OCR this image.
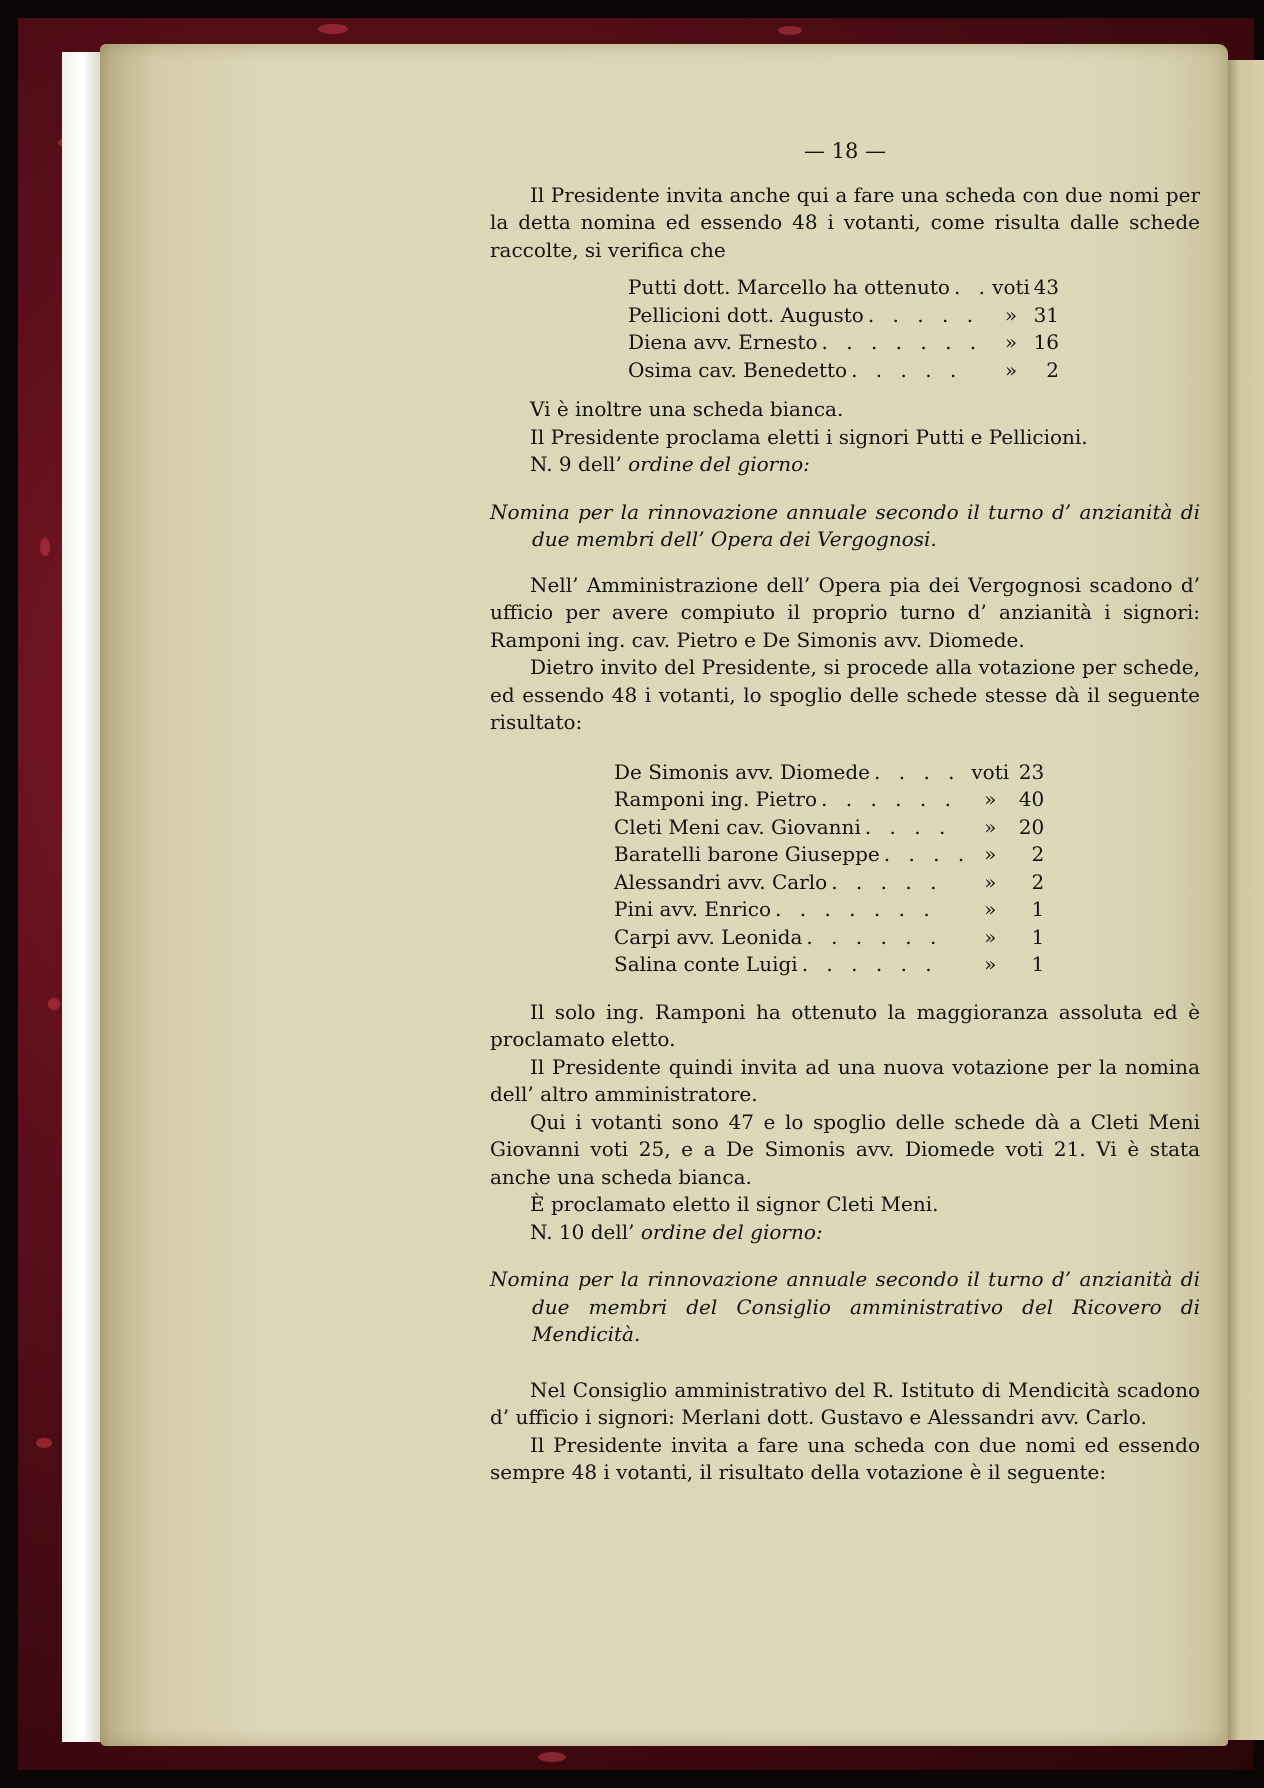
— 18 —

Il Presidente invita anche qui a fare una scheda con due nomi per la detta nomina ed essendo 48 i votanti, come risulta dalle schede raccolte, si verifica che

Putti dott. Marcello ha ottenuto . .	voti	43
Pellicioni dott. Augusto . . . . .	»	31
Diena avv. Ernesto . . . . . . .	»	16
Osima cav. Benedetto . . . . .	»	2

Vi è inoltre una scheda bianca.

Il Presidente proclama eletti i signori Putti e Pellicioni.

N. 9 dell’ ordine del giorno:

Nomina per la rinnovazione annuale secondo il turno d’ anzianità di due membri dell’ Opera dei Vergognosi.

Nell’ Amministrazione dell’ Opera pia dei Vergognosi scadono d’ ufficio per avere compiuto il proprio turno d’ anzianità i signori: Ramponi ing. cav. Pietro e De Simonis avv. Diomede.

Dietro invito del Presidente, si procede alla votazione per schede, ed essendo 48 i votanti, lo spoglio delle schede stesse dà il seguente risultato:

De Simonis avv. Diomede . . . .	voti	23
Ramponi ing. Pietro . . . . . .	»	40
Cleti Meni cav. Giovanni . . . .	»	20
Baratelli barone Giuseppe . . . .	»	2
Alessandri avv. Carlo . . . . .	»	2
Pini avv. Enrico . . . . . . .	»	1
Carpi avv. Leonida . . . . . .	»	1
Salina conte Luigi . . . . . .	»	1

Il solo ing. Ramponi ha ottenuto la maggioranza assoluta ed è proclamato eletto.

Il Presidente quindi invita ad una nuova votazione per la nomina dell’ altro amministratore.

Qui i votanti sono 47 e lo spoglio delle schede dà a Cleti Meni Giovanni voti 25, e a De Simonis avv. Diomede voti 21. Vi è stata anche una scheda bianca.

È proclamato eletto il signor Cleti Meni.

N. 10 dell’ ordine del giorno:

Nomina per la rinnovazione annuale secondo il turno d’ anzianità di due membri del Consiglio amministrativo del Ricovero di Mendicità.

Nel Consiglio amministrativo del R. Istituto di Mendicità scadono d’ ufficio i signori: Merlani dott. Gustavo e Alessandri avv. Carlo.

Il Presidente invita a fare una scheda con due nomi ed essendo sempre 48 i votanti, il risultato della votazione è il seguente:
